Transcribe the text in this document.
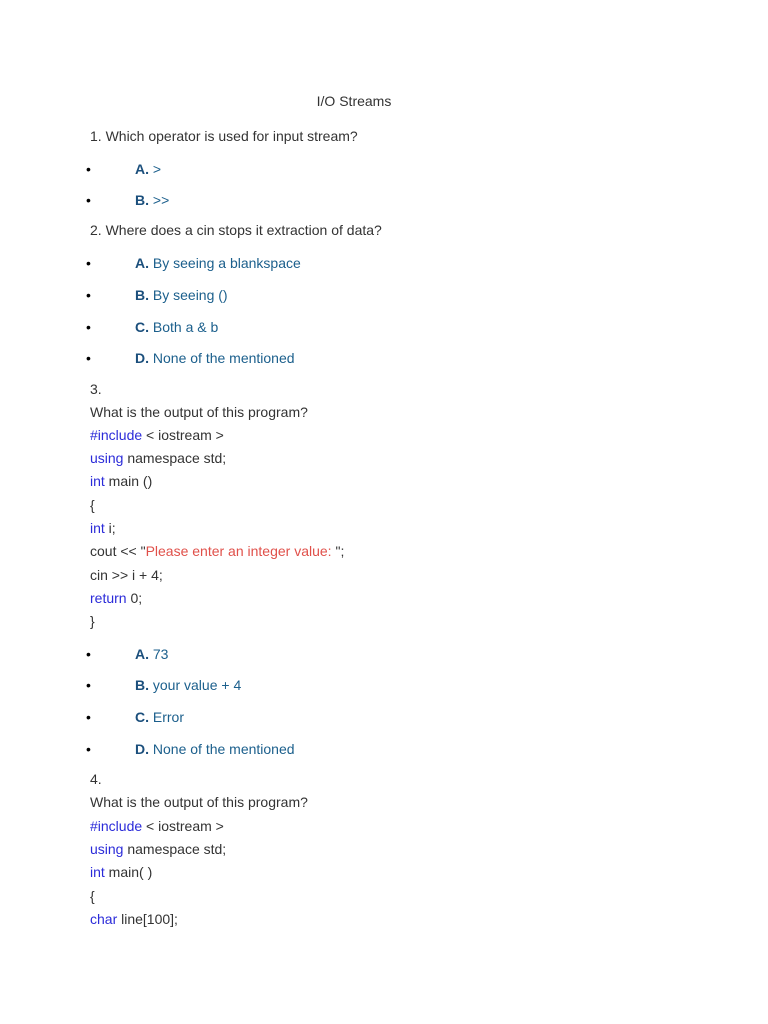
I/O Streams
1. Which operator is used for input stream?
•	A. >
•	B. >>
2. Where does a cin stops it extraction of data?
•	A. By seeing a blankspace
•	B. By seeing ()
•	C. Both a & b
•	D. None of the mentioned
3.
What is the output of this program?
#include < iostream >
using namespace std;
int main ()
{
int i;
cout << "Please enter an integer value: ";
cin >> i + 4;
return 0;
}
•	A. 73
•	B. your value + 4
•	C. Error
•	D. None of the mentioned
4.
What is the output of this program?
#include < iostream >
using namespace std;
int main( )
{
char line[100];
